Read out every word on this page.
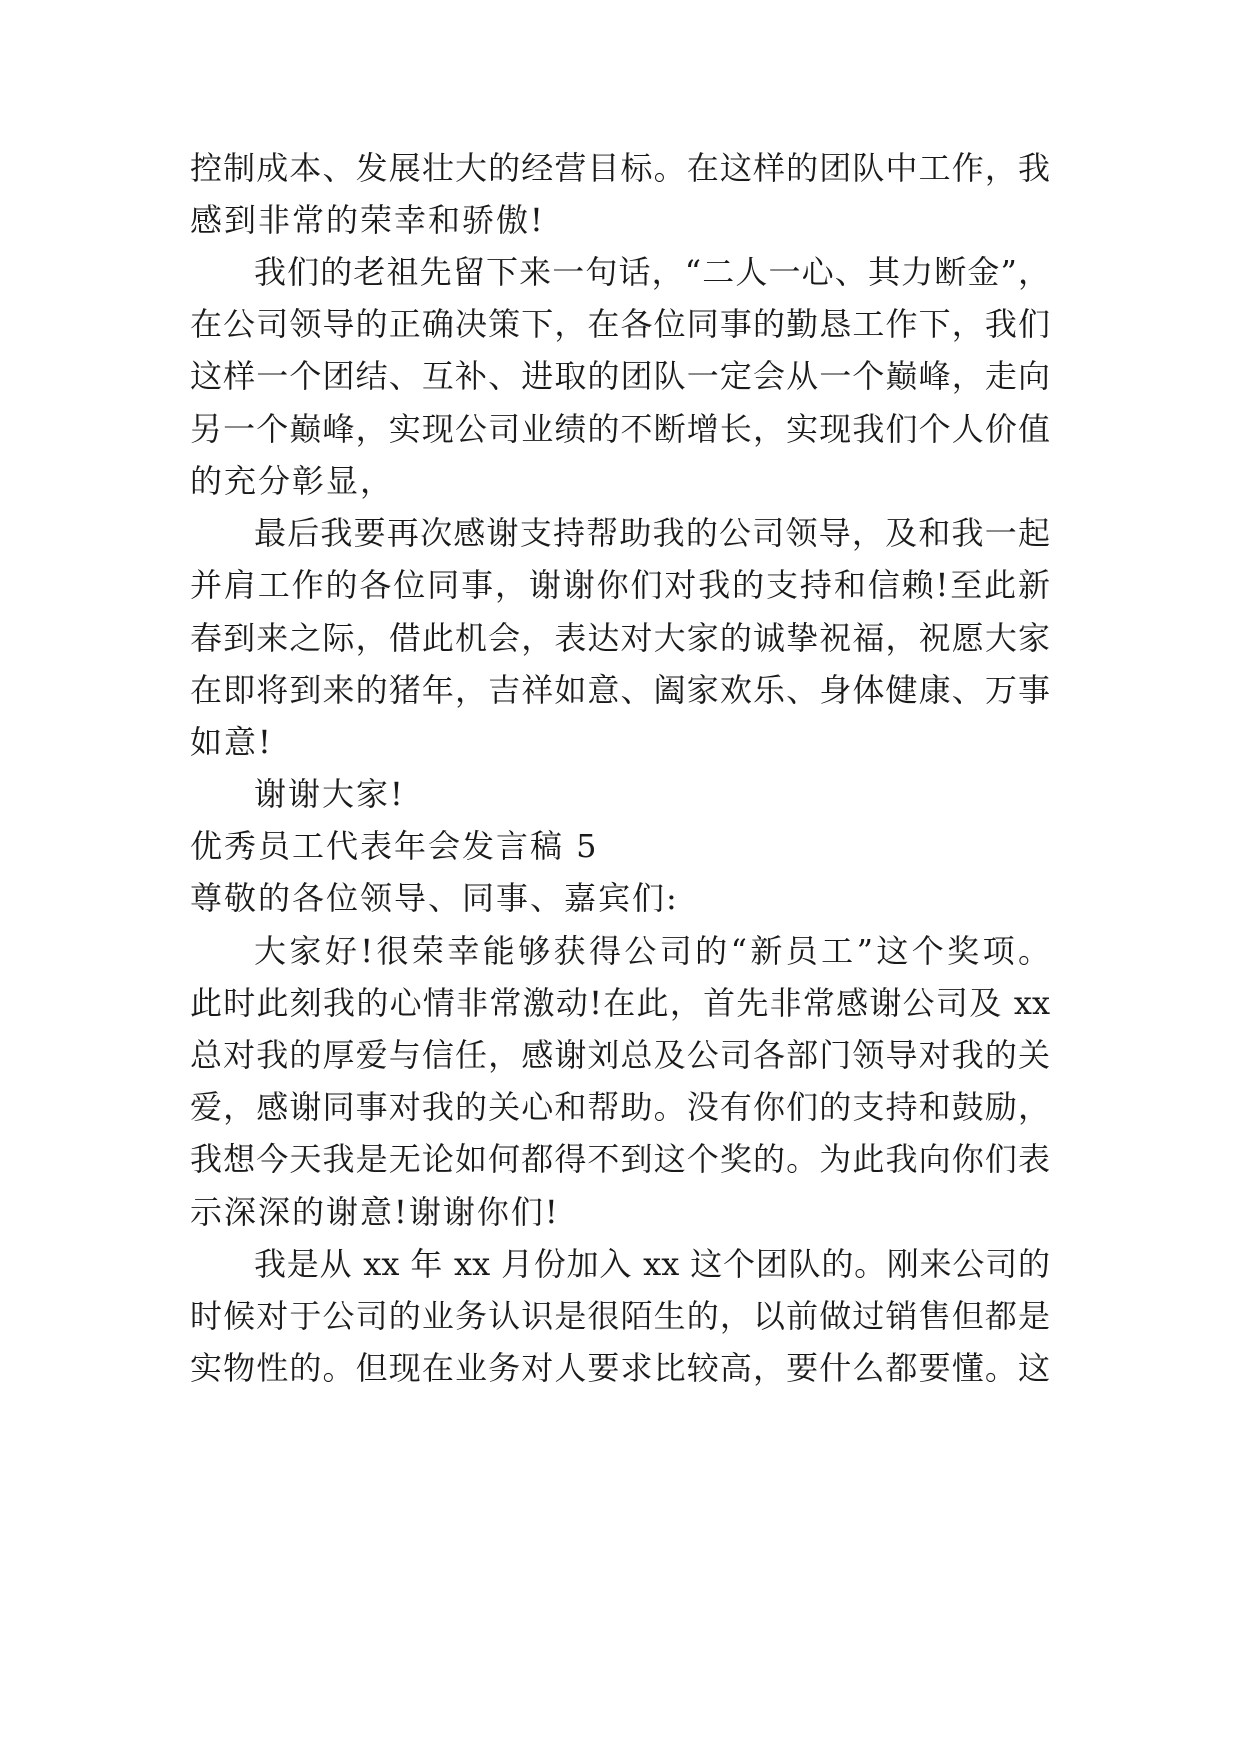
控制成本、发展壮大的经营目标。在这样的团队中工作，我
感到非常的荣幸和骄傲!
我们的老祖先留下来一句话，“二人一心、其力断金”，
在公司领导的正确决策下，在各位同事的勤恳工作下，我们
这样一个团结、互补、进取的团队一定会从一个巅峰，走向
另一个巅峰，实现公司业绩的不断增长，实现我们个人价值
的充分彰显，
最后我要再次感谢支持帮助我的公司领导，及和我一起
并肩工作的各位同事，谢谢你们对我的支持和信赖!至此新
春到来之际，借此机会，表达对大家的诚挚祝福，祝愿大家
在即将到来的猪年，吉祥如意、阖家欢乐、身体健康、万事
如意!
谢谢大家!
优秀员工代表年会发言稿 5
尊敬的各位领导、同事、嘉宾们:
大家好!很荣幸能够获得公司的“新员工”这个奖项。
此时此刻我的心情非常激动!在此，首先非常感谢公司及 xx
总对我的厚爱与信任，感谢刘总及公司各部门领导对我的关
爱，感谢同事对我的关心和帮助。没有你们的支持和鼓励，
我想今天我是无论如何都得不到这个奖的。为此我向你们表
示深深的谢意!谢谢你们!
我是从 xx 年 xx 月份加入 xx 这个团队的。刚来公司的
时候对于公司的业务认识是很陌生的，以前做过销售但都是
实物性的。但现在业务对人要求比较高，要什么都要懂。这
